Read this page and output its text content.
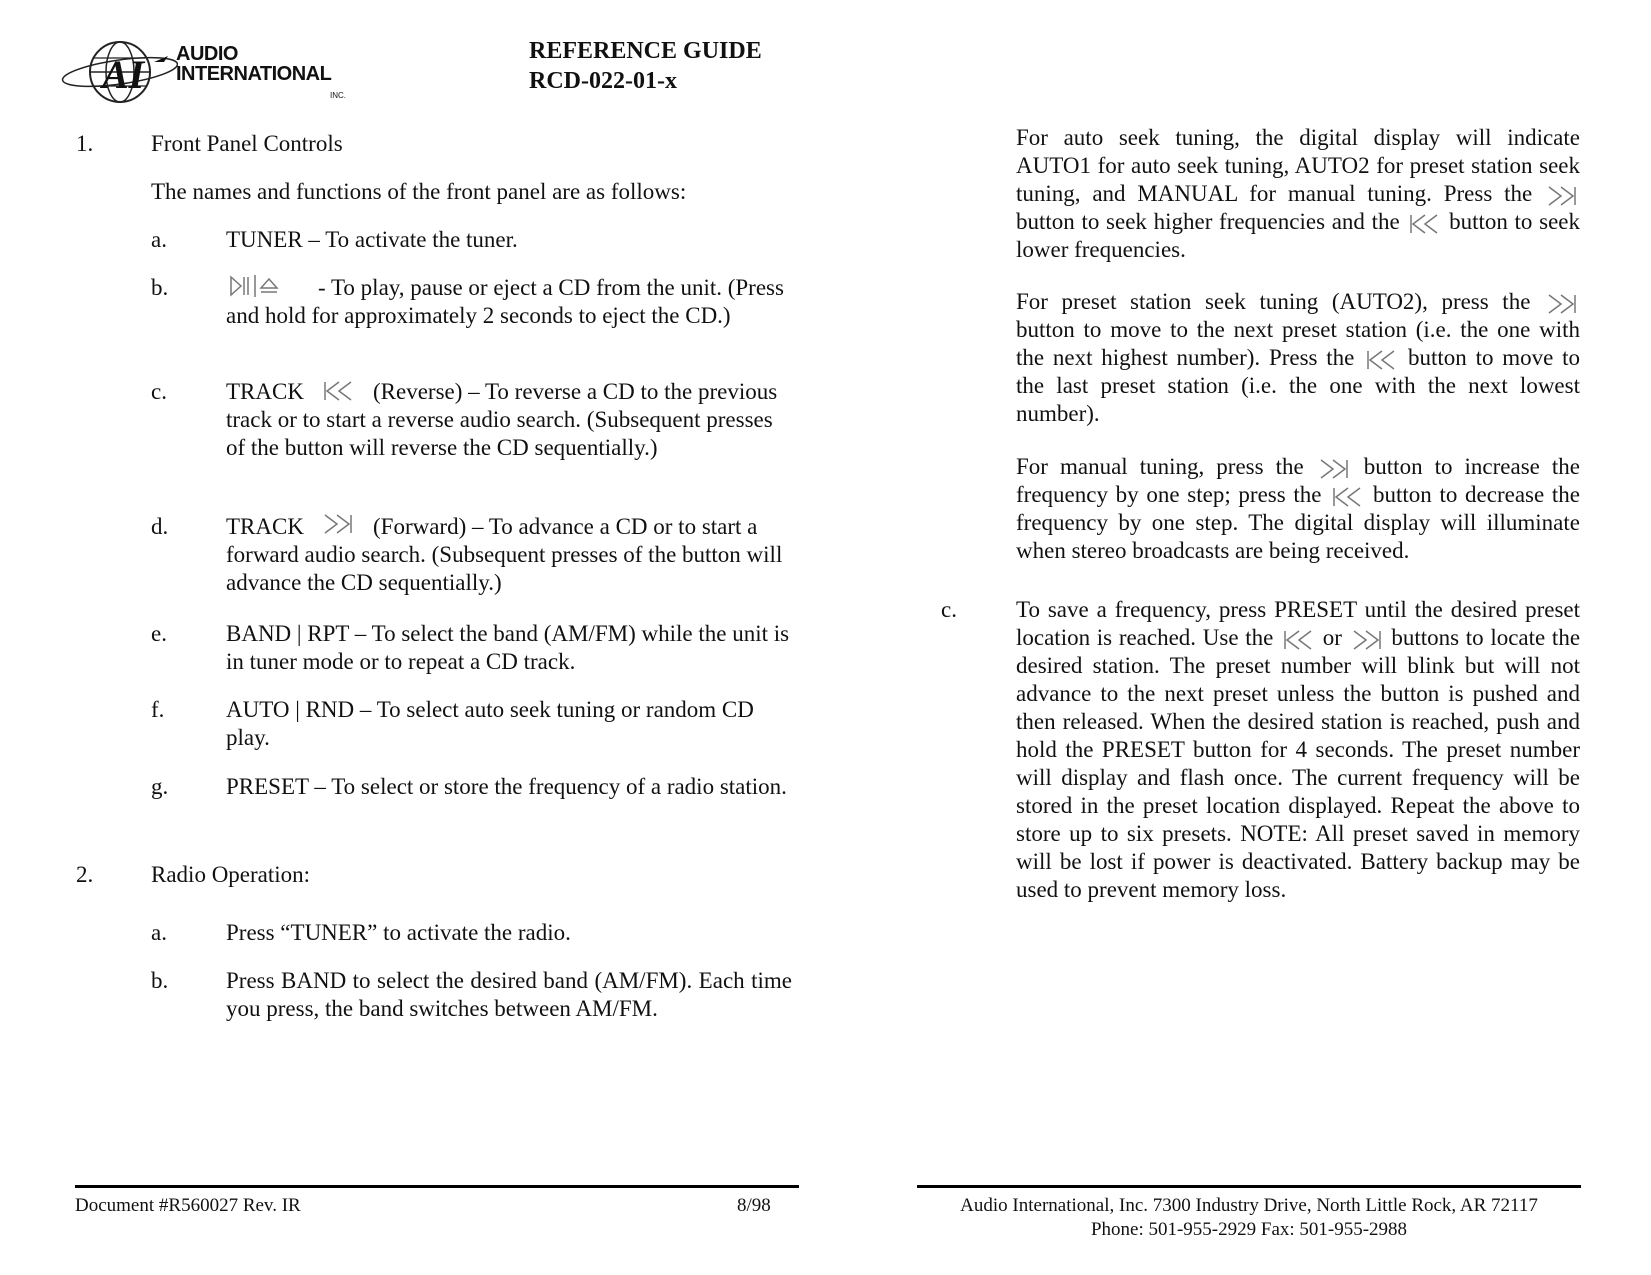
AI AUDIO
INTERNATIONAL
INC.
REFERENCE GUIDE
RCD-022-01-x
1.	Front Panel Controls
The names and functions of the front panel are as follows:
a.	TUNER – To activate the tuner.
b.	- To play, pause or eject a CD from the unit. (Press and hold for approximately 2 seconds to eject the CD.)
c.	TRACK	(Reverse) – To reverse a CD to the previous track or to start a reverse audio search. (Subsequent presses of the button will reverse the CD sequentially.)
d.	TRACK	(Forward) – To advance a CD or to start a forward audio search. (Subsequent presses of the button will advance the CD sequentially.)
e.	BAND | RPT – To select the band (AM/FM) while the unit is in tuner mode or to repeat a CD track.
f.	AUTO | RND – To select auto seek tuning or random CD play.
g.	PRESET – To select or store the frequency of a radio station.
2.	Radio Operation:
a.	Press “TUNER” to activate the radio.
b.	Press BAND to select the desired band (AM/FM). Each time you press, the band switches between AM/FM.
For auto seek tuning, the digital display will indicate AUTO1 for auto seek tuning, AUTO2 for preset station seek tuning, and MANUAL for manual tuning. Press the
button to seek higher frequencies and the button to seek lower frequencies.
For preset station seek tuning (AUTO2), press the
button to move to the next preset station (i.e. the one with the next highest number). Press the button to move to the last preset station (i.e. the one with the next lowest number).
For manual tuning, press the	button to increase the frequency by one step; press the button to decrease the frequency by one step. The digital display will illuminate when stereo broadcasts are being received.
c.	To save a frequency, press PRESET until the desired preset location is reached. Use the or buttons to locate the desired station. The preset number will blink but will not advance to the next preset unless the button is pushed and then released. When the desired station is reached, push and hold the PRESET button for 4 seconds. The preset number will display and flash once. The current frequency will be stored in the preset location displayed. Repeat the above to store up to six presets. NOTE: All preset saved in memory will be lost if power is deactivated. Battery backup may be used to prevent memory loss.
Document #R560027 Rev. IR	8/98	Audio International, Inc. 7300 Industry Drive, North Little Rock, AR 72117
Phone: 501-955-2929 Fax: 501-955-2988
